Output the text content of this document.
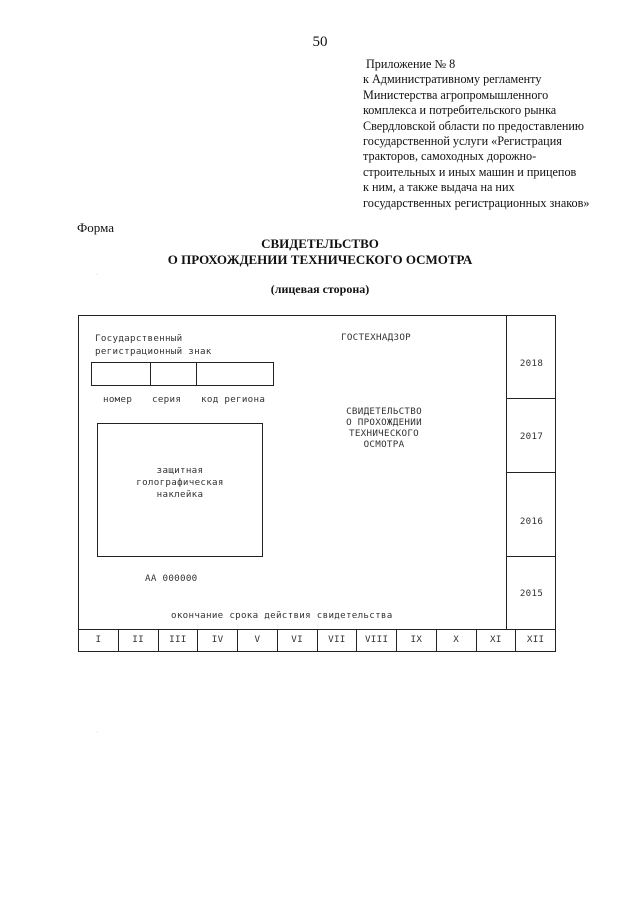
50
Приложение № 8
к Административному регламенту
Министерства агропромышленного
комплекса и потребительского рынка
Свердловской области по предоставлению
государственной услуги «Регистрация
тракторов, самоходных дорожно-
строительных и иных машин и прицепов
к ним, а также выдача на них
государственных регистрационных знаков»
Форма
СВИДЕТЕЛЬСТВО
О ПРОХОЖДЕНИИ ТЕХНИЧЕСКОГО ОСМОТРА
(лицевая сторона)
·
·
Государственный
регистрационный знак
ГОСТЕХНАДЗОР
номер серия код региона
СВИДЕТЕЛЬСТВО
О ПРОХОЖДЕНИИ
ТЕХНИЧЕСКОГО
ОСМОТРА
защитная
голографическая
наклейка
АА 000000
окончание срока действия свидетельства
2018
2017
2016
2015
I	II	III	IV	V	VI	VII	VIII	IX	X	XI	XII
